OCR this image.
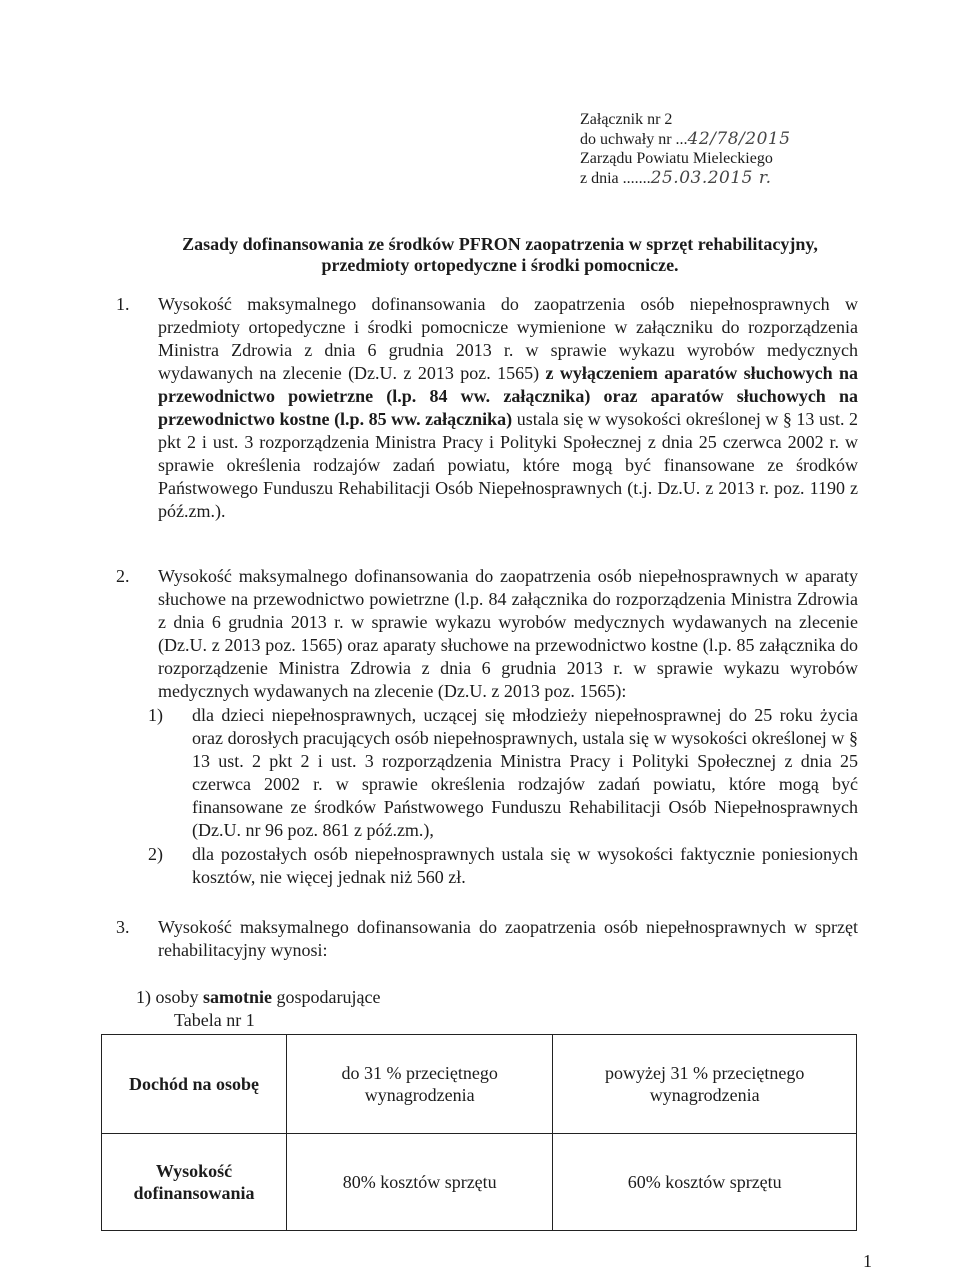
Załącznik nr 2
do uchwały nr ...42/78/2015
Zarządu Powiatu Mieleckiego
z dnia .......25.03.2015 r.
Zasady dofinansowania ze środków PFRON zaopatrzenia w sprzęt rehabilitacyjny,
przedmioty ortopedyczne i środki pomocnicze.
1. Wysokość maksymalnego dofinansowania do zaopatrzenia osób niepełnosprawnych w przedmioty ortopedyczne i środki pomocnicze wymienione w załączniku do rozporządzenia Ministra Zdrowia z dnia 6 grudnia 2013 r. w sprawie wykazu wyrobów medycznych wydawanych na zlecenie (Dz.U. z 2013 poz. 1565) z wyłączeniem aparatów słuchowych na przewodnictwo powietrzne (l.p. 84 ww. załącznika) oraz aparatów słuchowych na przewodnictwo kostne (l.p. 85 ww. załącznika) ustala się w wysokości określonej w § 13 ust. 2 pkt 2 i ust. 3 rozporządzenia Ministra Pracy i Polityki Społecznej z dnia 25 czerwca 2002 r. w sprawie określenia rodzajów zadań powiatu, które mogą być finansowane ze środków Państwowego Funduszu Rehabilitacji Osób Niepełnosprawnych (t.j. Dz.U. z 2013 r. poz. 1190 z póź.zm.).
2. Wysokość maksymalnego dofinansowania do zaopatrzenia osób niepełnosprawnych w aparaty słuchowe na przewodnictwo powietrzne (l.p. 84 załącznika do rozporządzenia Ministra Zdrowia z dnia 6 grudnia 2013 r. w sprawie wykazu wyrobów medycznych wydawanych na zlecenie (Dz.U. z 2013 poz. 1565) oraz aparaty słuchowe na przewodnictwo kostne (l.p. 85 załącznika do rozporządzenie Ministra Zdrowia z dnia 6 grudnia 2013 r. w sprawie wykazu wyrobów medycznych wydawanych na zlecenie (Dz.U. z 2013 poz. 1565):
1) dla dzieci niepełnosprawnych, uczącej się młodzieży niepełnosprawnej do 25 roku życia oraz dorosłych pracujących osób niepełnosprawnych, ustala się w wysokości określonej w § 13 ust. 2 pkt 2 i ust. 3 rozporządzenia Ministra Pracy i Polityki Społecznej z dnia 25 czerwca 2002 r. w sprawie określenia rodzajów zadań powiatu, które mogą być finansowane ze środków Państwowego Funduszu Rehabilitacji Osób Niepełnosprawnych (Dz.U. nr 96 poz. 861 z póź.zm.),
2) dla pozostałych osób niepełnosprawnych ustala się w wysokości faktycznie poniesionych kosztów, nie więcej jednak niż 560 zł.
3. Wysokość maksymalnego dofinansowania do zaopatrzenia osób niepełnosprawnych w sprzęt rehabilitacyjny wynosi:
1) osoby samotnie gospodarujące
Tabela nr 1
Dochód na osobę	do 31 % przeciętnego wynagrodzenia	powyżej 31 % przeciętnego wynagrodzenia
Wysokość dofinansowania	80% kosztów sprzętu	60% kosztów sprzętu
1
